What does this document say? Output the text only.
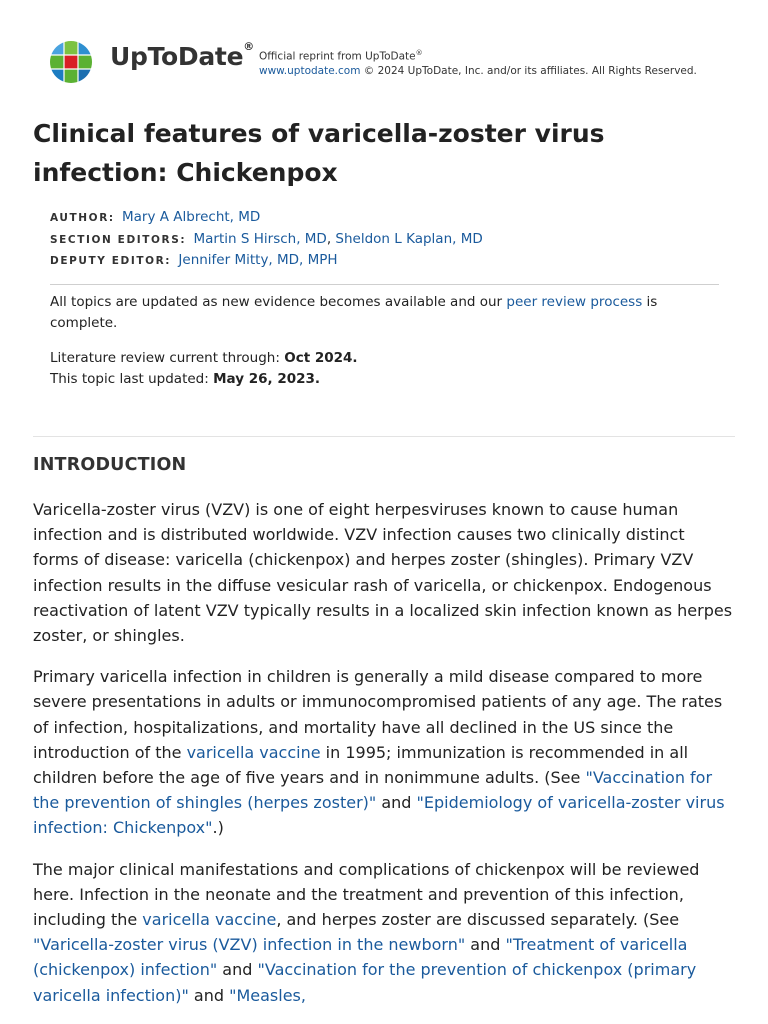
UpToDate®
Official reprint from UpToDate®
www.uptodate.com © 2024 UpToDate, Inc. and/or its affiliates. All Rights Reserved.
Clinical features of varicella-zoster virus infection: Chickenpox
AUTHOR: Mary A Albrecht, MD
SECTION EDITORS: Martin S Hirsch, MD, Sheldon L Kaplan, MD
DEPUTY EDITOR: Jennifer Mitty, MD, MPH

All topics are updated as new evidence becomes available and our peer review process is complete.

Literature review current through: Oct 2024.

This topic last updated: May 26, 2023.

INTRODUCTION

Varicella-zoster virus (VZV) is one of eight herpesviruses known to cause human infection and is distributed worldwide. VZV infection causes two clinically distinct forms of disease: varicella (chickenpox) and herpes zoster (shingles). Primary VZV infection results in the diffuse vesicular rash of varicella, or chickenpox. Endogenous reactivation of latent VZV typically results in a localized skin infection known as herpes zoster, or shingles.

Primary varicella infection in children is generally a mild disease compared to more severe presentations in adults or immunocompromised patients of any age. The rates of infection, hospitalizations, and mortality have all declined in the US since the introduction of the varicella vaccine in 1995; immunization is recommended in all children before the age of five years and in nonimmune adults. (See "Vaccination for the prevention of shingles (herpes zoster)" and "Epidemiology of varicella-zoster virus infection: Chickenpox".)

The major clinical manifestations and complications of chickenpox will be reviewed here. Infection in the neonate and the treatment and prevention of this infection, including the varicella vaccine, and herpes zoster are discussed separately. (See "Varicella-zoster virus (VZV) infection in the newborn" and "Treatment of varicella (chickenpox) infection" and "Vaccination for the prevention of chickenpox (primary varicella infection)" and "Measles,
